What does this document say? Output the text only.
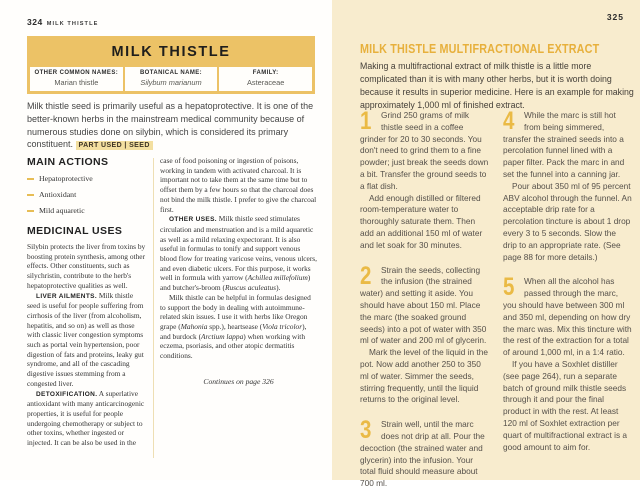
324 MILK THISTLE
MILK THISTLE
OTHER COMMON NAMES:
Marian thistle
BOTANICAL NAME:
Silybum marianum
FAMILY:
Asteraceae
Milk thistle seed is primarily useful as a hepatoprotective. It is one of the better-known herbs in the mainstream medical community because of numerous studies done on silybin, which is considered its primary constituent. PART USED | SEED
MAIN ACTIONS
Hepatoprotective
Antioxidant
Mild aquaretic
MEDICINAL USES

Silybin protects the liver from toxins by boosting protein synthesis, among other effects. Other constituents, such as silychristin, contribute to the herb's hepatoprotective qualities as well.

LIVER AILMENTS. Milk thistle seed is useful for people suffering from cirrhosis of the liver (from alcoholism, hepatitis, and so on) as well as those with classic liver congestion symptoms such as portal vein hypertension, poor digestion of fats and proteins, leaky gut syndrome, and all of the cascading digestive issues stemming from a congested liver.

DETOXIFICATION. A superlative antioxidant with many anticarcinogenic properties, it is useful for people undergoing chemotherapy or subject to other toxins, whether ingested or injected. It can be also be used in the

case of food poisoning or ingestion of poisons, working in tandem with activated charcoal. It is important not to take them at the same time but to offset them by a few hours so that the charcoal does not bind the milk thistle. I prefer to give the charcoal first.

OTHER USES. Milk thistle seed stimulates circulation and menstruation and is a mild aquaretic as well as a mild relaxing expectorant. It is also useful in formulas to tonify and support venous blood flow for treating varicose veins, venous ulcers, and even diabetic ulcers. For this purpose, it works well in formula with yarrow (Achillea millefolium) and butcher's-broom (Ruscus aculeatus).

Milk thistle can be helpful in formulas designed to support the body in dealing with autoimmune-related skin issues. I use it with herbs like Oregon grape (Mahonia spp.), heartsease (Viola tricolor), and burdock (Arctium lappa) when working with eczema, psoriasis, and other atopic dermatitis conditions.

Continues on page 326

325
MILK THISTLE MULTIFRACTIONAL EXTRACT
Making a multifractional extract of milk thistle is a little more complicated than it is with many other herbs, but it is worth doing because it results in superior medicine. Here is an example for making approximately 1,000 ml of finished extract.
1	Grind 250 grams of milk thistle seed in a coffee grinder for 20 to 30 seconds. You don't need to grind them to a fine powder; just break the seeds down a bit. Transfer the ground seeds to a flat dish.

Add enough distilled or filtered room-temperature water to thoroughly saturate them. Then add an additional 150 ml of water and let soak for 30 minutes.

2	Strain the seeds, collecting the infusion (the strained water) and setting it aside. You should have about 150 ml. Place the marc (the soaked ground seeds) into a pot of water with 350 ml of water and 200 ml of glycerin.

Mark the level of the liquid in the pot. Now add another 250 to 350 ml of water. Simmer the seeds, stirring frequently, until the liquid returns to the original level.

3	Strain well, until the marc does not drip at all. Pour the decoction (the strained water and glycerin) into the infusion. Your total fluid should measure about 700 ml.

4	While the marc is still hot from being simmered, transfer the strained seeds into a percolation funnel lined with a paper filter. Pack the marc in and set the funnel into a canning jar.

Pour about 350 ml of 95 percent ABV alcohol through the funnel. An acceptable drip rate for a percolation tincture is about 1 drop every 3 to 5 seconds. Slow the drip to an appropriate rate. (See page 88 for more details.)

5	When all the alcohol has passed through the marc, you should have between 300 ml and 350 ml, depending on how dry the marc was. Mix this tincture with the rest of the extraction for a total of around 1,000 ml, in a 1:4 ratio.

If you have a Soxhlet distiller (see page 264), run a separate batch of ground milk thistle seeds through it and pour the final product in with the rest. At least 120 ml of Soxhlet extraction per quart of multifractional extract is a good amount to aim for.
